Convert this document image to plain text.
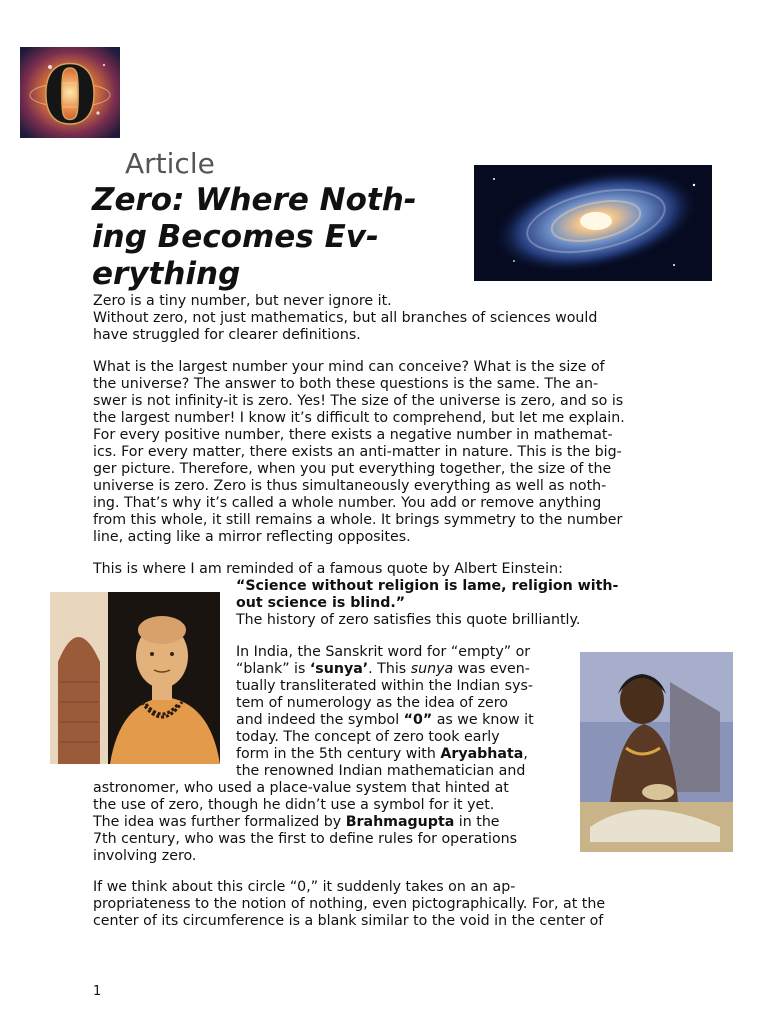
0
Article
Zero: Where Noth-
ing Becomes Ev-
erything

Zero is a tiny number, but never ignore it.

Without zero, not just mathematics, but all branches of sciences would

have struggled for clearer definitions.

What is the largest number your mind can conceive? What is the size of

the universe? The answer to both these questions is the same. The an-

swer is not infinity-it is zero. Yes! The size of the universe is zero, and so is

the largest number! I know it’s difficult to comprehend, but let me explain.

For every positive number, there exists a negative number in mathemat-

ics. For every matter, there exists an anti-matter in nature. This is the big-

ger picture. Therefore, when you put everything together, the size of the

universe is zero. Zero is thus simultaneously everything as well as noth-

ing. That’s why it’s called a whole number. You add or remove anything

from this whole, it still remains a whole. It brings symmetry to the number

line, acting like a mirror reflecting opposites.

This is where I am reminded of a famous quote by Albert Einstein:

“Science without religion is lame, religion with-

out science is blind.”

The history of zero satisfies this quote brilliantly.

In India, the Sanskrit word for “empty” or

“blank” is ‘sunya’. This sunya was even-

tually transliterated within the Indian sys-

tem of numerology as the idea of zero

and indeed the symbol “0” as we know it

today. The concept of zero took early

form in the 5th century with Aryabhata,

the renowned Indian mathematician and

astronomer, who used a place-value system that hinted at

the use of zero, though he didn’t use a symbol for it yet.

The idea was further formalized by Brahmagupta in the

7th century, who was the first to define rules for operations

involving zero.

If we think about this circle “0,” it suddenly takes on an ap-

propriateness to the notion of nothing, even pictographically. For, at the

center of its circumference is a blank similar to the void in the center of

1
